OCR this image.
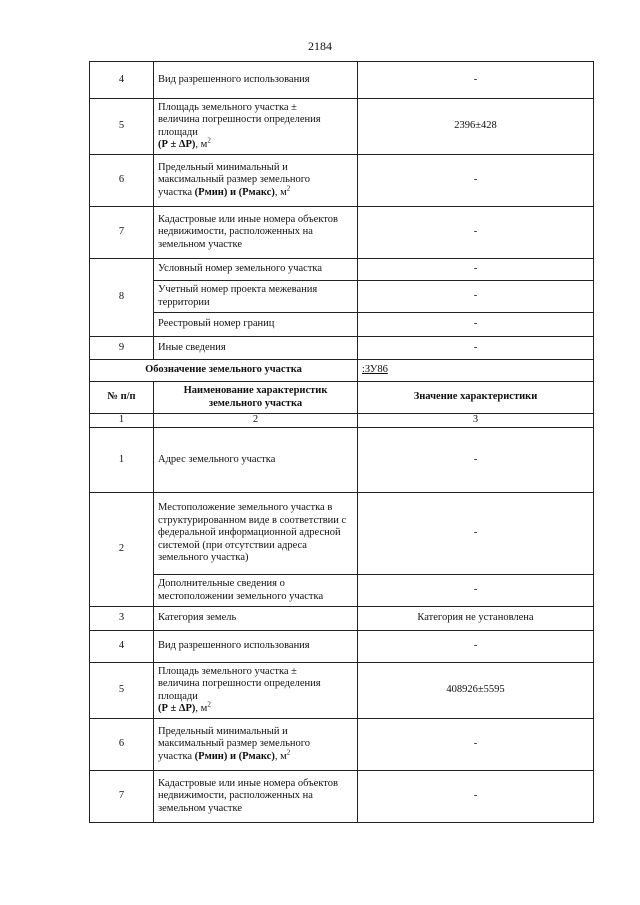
2184
4	Вид разрешенного использования	-
5	Площадь земельного участка ±
величина погрешности определения
площади
(Р ± ΔР), $м^2$	2396±428
6	Предельный минимальный и
максимальный размер земельного
участка (Рмин) и (Рмакс), $м^2$	-
7	Кадастровые или иные номера объектов недвижимости, расположенных на земельном участке	-
8	Условный номер земельного участка	-
	Учетный номер проекта межевания территории	-
	Реестровый номер границ	-
9	Иные сведения	-
Обозначение земельного участка		:ЗУ86
№ п/п	Наименование характеристик земельного участка	Значение характеристики
1	2	3
1	Адрес земельного участка	-
2	Местоположение земельного участка в структурированном виде в соответствии с федеральной информационной адресной системой (при отсутствии адреса земельного участка)	-
	Дополнительные сведения о местоположении земельного участка	-
3	Категория земель	Категория не установлена
4	Вид разрешенного использования	-
5	Площадь земельного участка ±
величина погрешности определения
площади
(Р ± ΔР), $м^2$	408926±5595
6	Предельный минимальный и
максимальный размер земельного
участка (Рмин) и (Рмакс), $м^2$	-
7	Кадастровые или иные номера объектов недвижимости, расположенных на земельном участке	-
